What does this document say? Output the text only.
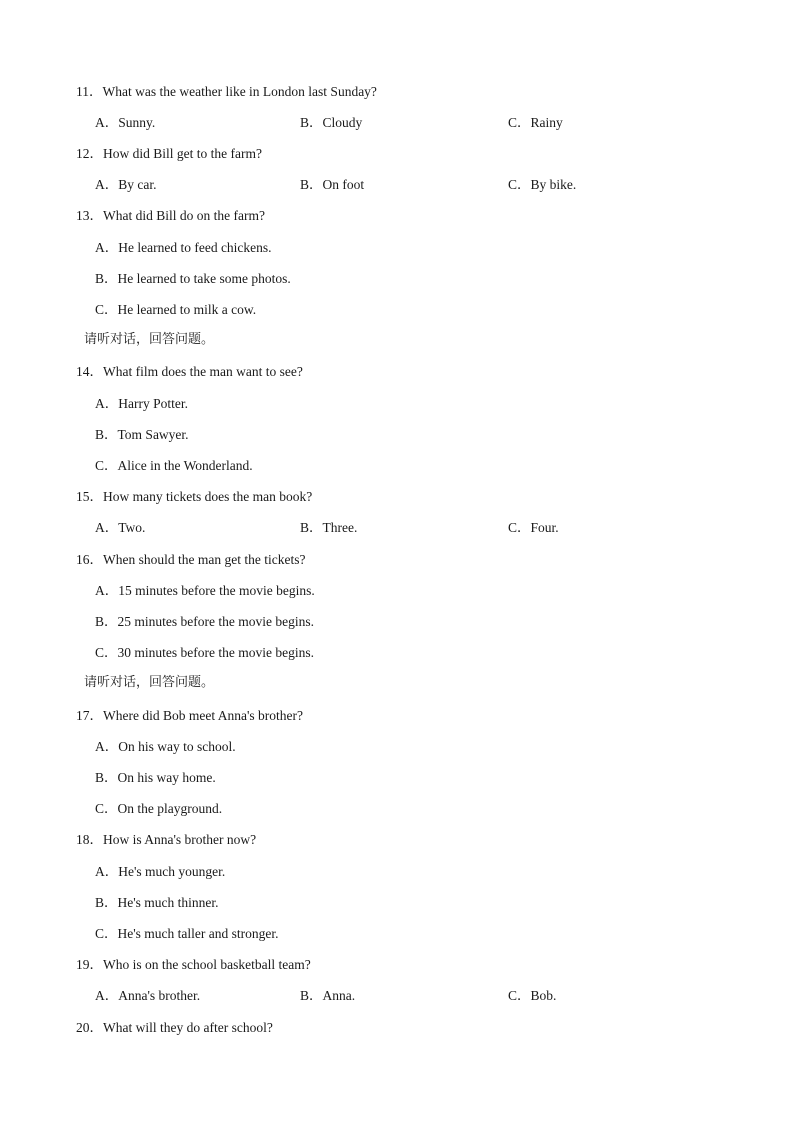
11．What was the weather like in London last Sunday?
A．Sunny.	B．Cloudy	C．Rainy
12．How did Bill get to the farm?
A．By car.	B．On foot	C．By bike.
13．What did Bill do on the farm?
A．He learned to feed chickens.
B．He learned to take some photos.
C．He learned to milk a cow.
请听对话，回答问题。
14．What film does the man want to see?
A．Harry Potter.
B．Tom Sawyer.
C．Alice in the Wonderland.
15．How many tickets does the man book?
A．Two.	B．Three.	C．Four.
16．When should the man get the tickets?
A．15 minutes before the movie begins.
B．25 minutes before the movie begins.
C．30 minutes before the movie begins.
请听对话，回答问题。
17．Where did Bob meet Anna's brother?
A．On his way to school.
B．On his way home.
C．On the playground.
18．How is Anna's brother now?
A．He's much younger.
B．He's much thinner.
C．He's much taller and stronger.
19．Who is on the school basketball team?
A．Anna's brother.	B．Anna.	C．Bob.
20．What will they do after school?
